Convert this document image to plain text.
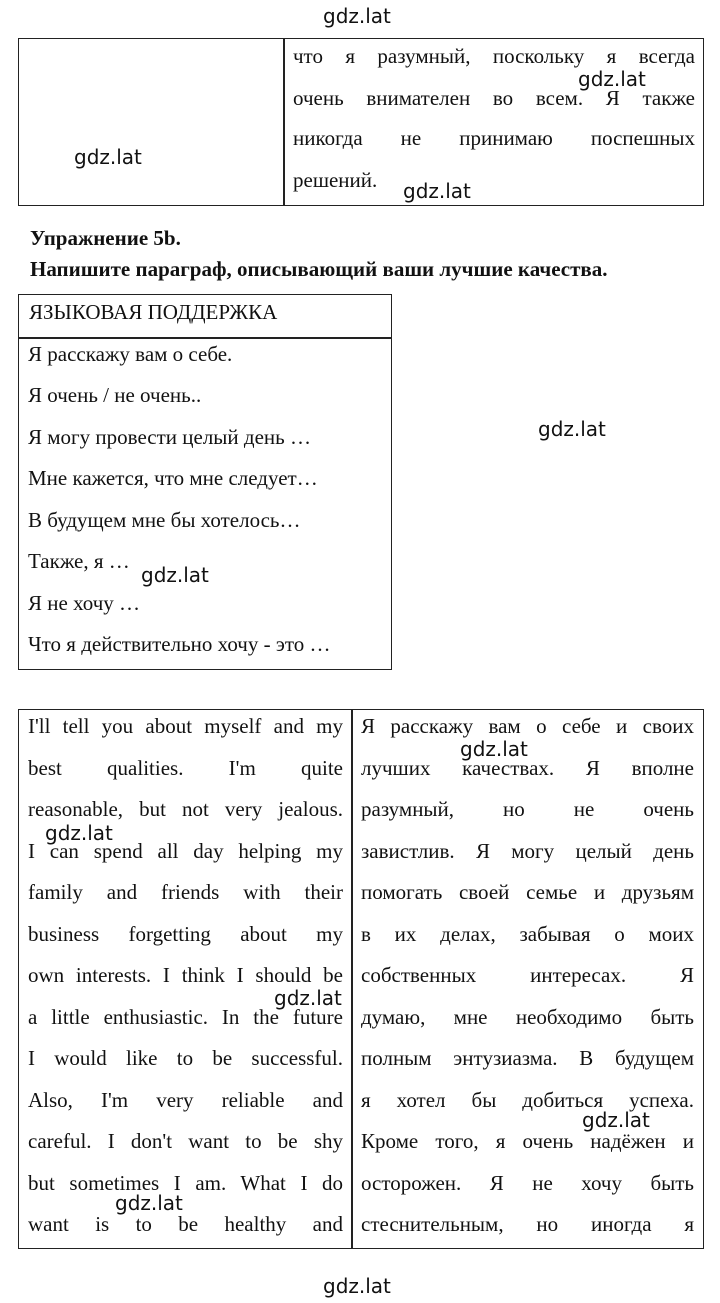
gdz.lat
что я разумный, поскольку я всегда
очень внимателен во всем. Я также
никогда не принимаю поспешных
решений.
gdz.lat
gdz.lat
gdz.lat
Упражнение 5b.
Напишите параграф, описывающий ваши лучшие качества.
ЯЗЫКОВАЯ ПОДДЕРЖКА
Я расскажу вам о себе.
Я очень / не очень..
Я могу провести целый день …
Мне кажется, что мне следует…
В будущем мне бы хотелось…
Также, я …
Я не хочу …
Что я действительно хочу - это …
gdz.lat
gdz.lat
I'll tell you about myself and my
best qualities. I'm quite
reasonable, but not very jealous.
I can spend all day helping my
family and friends with their
business forgetting about my
own interests. I think I should be
a little enthusiastic. In the future
I would like to be successful.
Also, I'm very reliable and
careful. I don't want to be shy
but sometimes I am. What I do
want is to be healthy and
Я расскажу вам о себе и своих
лучших качествах. Я вполне
разумный, но не очень
завистлив. Я могу целый день
помогать своей семье и друзьям
в их делах, забывая о моих
собственных интересах. Я
думаю, мне необходимо быть
полным энтузиазма. В будущем
я хотел бы добиться успеха.
Кроме того, я очень надёжен и
осторожен. Я не хочу быть
стеснительным, но иногда я
gdz.lat
gdz.lat
gdz.lat
gdz.lat
gdz.lat
gdz.lat
